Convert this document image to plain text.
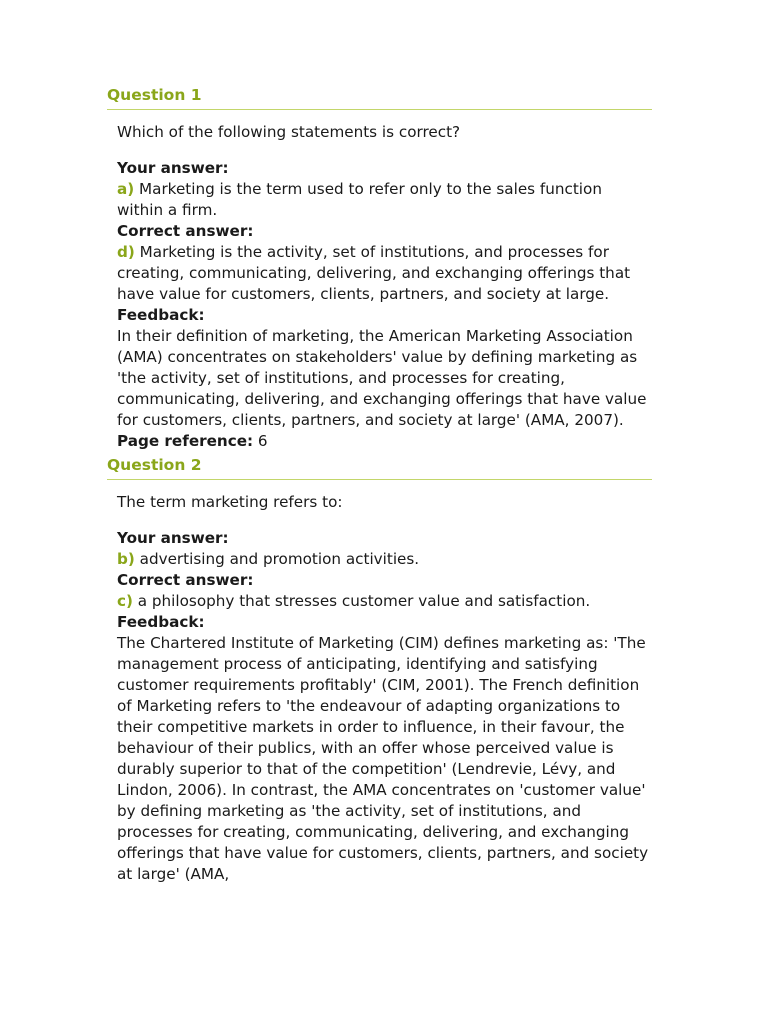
Question 1

Which of the following statements is correct?

Your answer:

a) Marketing is the term used to refer only to the sales function within a firm.

Correct answer:

d) Marketing is the activity, set of institutions, and processes for creating, communicating, delivering, and exchanging offerings that have value for customers, clients, partners, and society at large.

Feedback:

In their definition of marketing, the American Marketing Association (AMA) concentrates on stakeholders' value by defining marketing as 'the activity, set of institutions, and processes for creating, communicating, delivering, and exchanging offerings that have value for customers, clients, partners, and society at large' (AMA, 2007).

Page reference: 6

Question 2

The term marketing refers to:

Your answer:

b) advertising and promotion activities.

Correct answer:

c) a philosophy that stresses customer value and satisfaction.

Feedback:

The Chartered Institute of Marketing (CIM) defines marketing as: 'The management process of anticipating, identifying and satisfying customer requirements profitably' (CIM, 2001). The French definition of Marketing refers to 'the endeavour of adapting organizations to their competitive markets in order to influence, in their favour, the behaviour of their publics, with an offer whose perceived value is durably superior to that of the competition' (Lendrevie, Lévy, and Lindon, 2006). In contrast, the AMA concentrates on 'customer value' by defining marketing as 'the activity, set of institutions, and processes for creating, communicating, delivering, and exchanging offerings that have value for customers, clients, partners, and society at large' (AMA,
